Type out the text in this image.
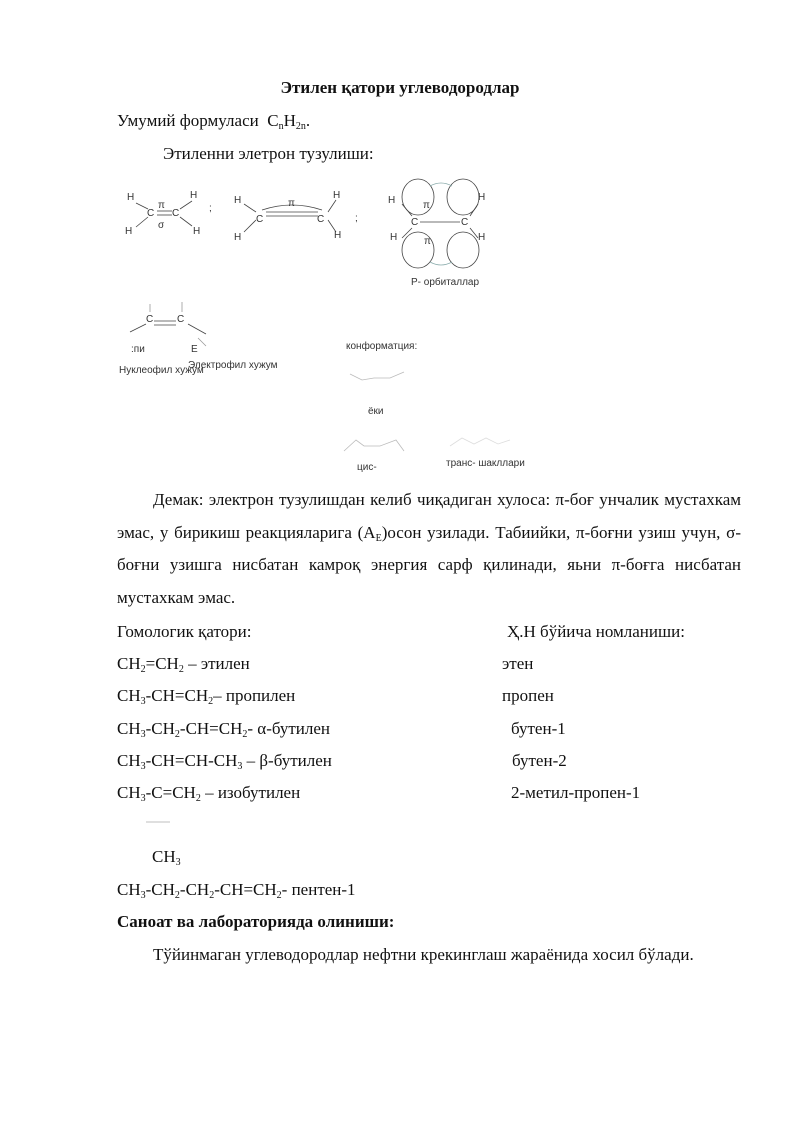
Этилен қатори углеводородлар
Умумий формуласи $C_nH_{2n}$.
Этиленни элетрон тузулиши:
H	H
H	H
C C
π
σ
;
H	H
H	H
C	C
π
;
H	H
H	H
C	C
π
π
Р- орбиталлар
C C
:пи	E
Нуклеофил хужум
Электрофил хужум
конформатция:
ёки
цис-	транс- шакллари
Демак: электрон тузулишдан келиб чиқадиган хулоса: π-боғ унчалик мустахкам эмас, у бирикиш реакцияларига $(А_Е)осон$ узилади. Табиийки, π-боғни узиш учун, σ-боғни узишга нисбатан камроқ энергия сарф қилинади, яьни π-боғга нисбатан мустахкам эмас.
Гомологик қатори:	Ҳ.Н бўйича номланиши:
$CH_2=CH_2$ – этилен	этен
$CH_3-CH=CH_2-$ пропилен	пропен
$CH_3-CH_2-CH=CH_2-$ α-бутилен	бутен-1
$CH_3-CH=CH-CH_3$ – β-бутилен	бутен-2
$CH_3-C=CH_2$ – изобутилен	2-метил-пропен-1
$CH_3$
$CH_3-CH_2-CH_2-CH=CH_2-$ пентен-1
Саноат ва лабораторияда олиниши:
Тўйинмаган углеводородлар нефтни крекинглаш жараёнида хосил бўлади.
